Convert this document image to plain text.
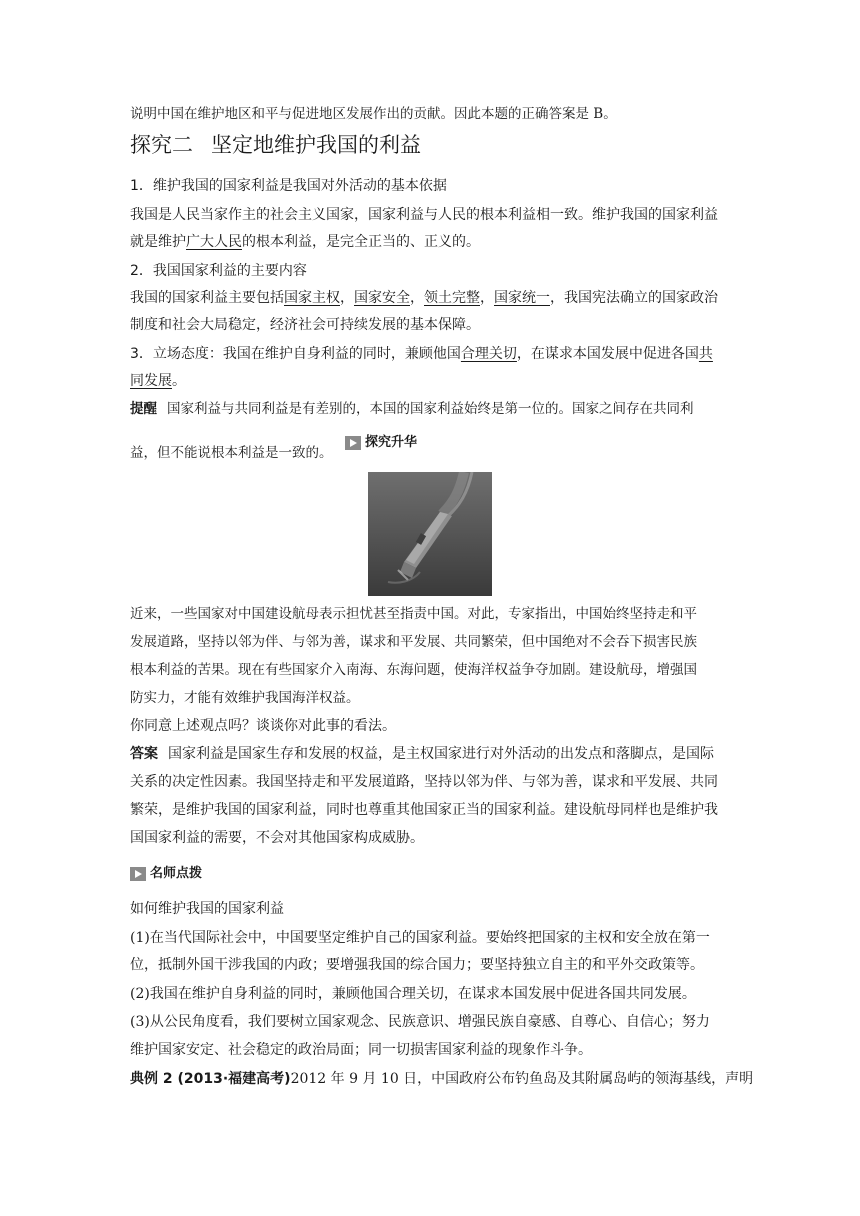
说明中国在维护地区和平与促进地区发展作出的贡献。因此本题的正确答案是 B。
探究二 坚定地维护我国的利益
1．维护我国的国家利益是我国对外活动的基本依据
我国是人民当家作主的社会主义国家，国家利益与人民的根本利益相一致。维护我国的国家利益
就是维护广大人民的根本利益，是完全正当的、正义的。
2．我国国家利益的主要内容
我国的国家利益主要包括国家主权，国家安全，领土完整，国家统一，我国宪法确立的国家政治
制度和社会大局稳定，经济社会可持续发展的基本保障。
3．立场态度：我国在维护自身利益的同时，兼顾他国合理关切，在谋求本国发展中促进各国共
同发展。
提醒 国家利益与共同利益是有差别的，本国的国家利益始终是第一位的。国家之间存在共同利
益，但不能说根本利益是一致的。
探究升华
近来，一些国家对中国建设航母表示担忧甚至指责中国。对此，专家指出，中国始终坚持走和平
发展道路，坚持以邻为伴、与邻为善，谋求和平发展、共同繁荣，但中国绝对不会吞下损害民族
根本利益的苦果。现在有些国家介入南海、东海问题，使海洋权益争夺加剧。建设航母，增强国
防实力，才能有效维护我国海洋权益。
你同意上述观点吗？谈谈你对此事的看法。
答案 国家利益是国家生存和发展的权益，是主权国家进行对外活动的出发点和落脚点，是国际
关系的决定性因素。我国坚持走和平发展道路，坚持以邻为伴、与邻为善，谋求和平发展、共同
繁荣，是维护我国的国家利益，同时也尊重其他国家正当的国家利益。建设航母同样也是维护我
国国家利益的需要，不会对其他国家构成威胁。
名师点拨
如何维护我国的国家利益
(1)在当代国际社会中，中国要坚定维护自己的国家利益。要始终把国家的主权和安全放在第一
位，抵制外国干涉我国的内政；要增强我国的综合国力；要坚持独立自主的和平外交政策等。
(2)我国在维护自身利益的同时，兼顾他国合理关切，在谋求本国发展中促进各国共同发展。
(3)从公民角度看，我们要树立国家观念、民族意识、增强民族自豪感、自尊心、自信心；努力
维护国家安定、社会稳定的政治局面；同一切损害国家利益的现象作斗争。
典例 2 (2013·福建高考)2012 年 9 月 10 日，中国政府公布钓鱼岛及其附属岛屿的领海基线，声明
